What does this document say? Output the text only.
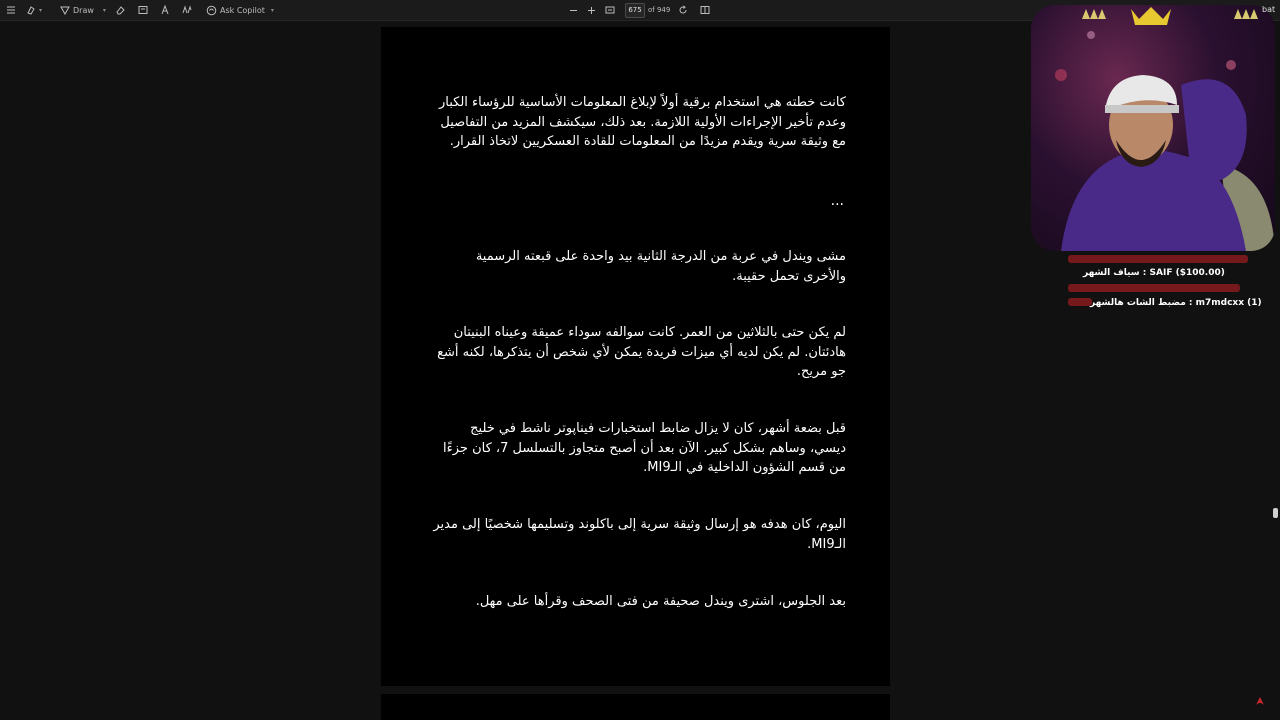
▾	Draw ▾	Ask Copilot ▾	675 of 949
كانت خطته هي استخدام برقية أولاً لإبلاغ المعلومات الأساسية للرؤساء الكبار وعدم تأخير الإجراءات الأولية اللازمة. بعد ذلك، سيكشف المزيد من التفاصيل مع وثيقة سرية ويقدم مزيدًا من المعلومات للقادة العسكريين لاتخاذ القرار.
...
مشى ويندل في عربة من الدرجة الثانية بيد واحدة على قبعته الرسمية والأخرى تحمل حقيبة.
لم يكن حتى بالثلاثين من العمر. كانت سوالفه سوداء عميقة وعيناه البنيتان هادئتان. لم يكن لديه أي ميزات فريدة يمكن لأي شخص أن يتذكرها، لكنه أشع جو مريح.
قبل بضعة أشهر، كان لا يزال ضابط استخبارات فيناپوتر ناشط في خليج ديسي، وساهم بشكل كبير. الآن بعد أن أصبح متجاوز بالتسلسل 7، كان جزءًا من قسم الشؤون الداخلية في الـMI9.
اليوم، كان هدفه هو إرسال وثيقة سرية إلى باكلوند وتسليمها شخصيًا إلى مدير الـMI9.
بعد الجلوس، اشترى ويندل صحيفة من فتى الصحف وقرأها على مهل.
bat
SAIF ($100.00) : سياف الشهر
m7mdcxx (1) : مضبط الشات هالشهر
